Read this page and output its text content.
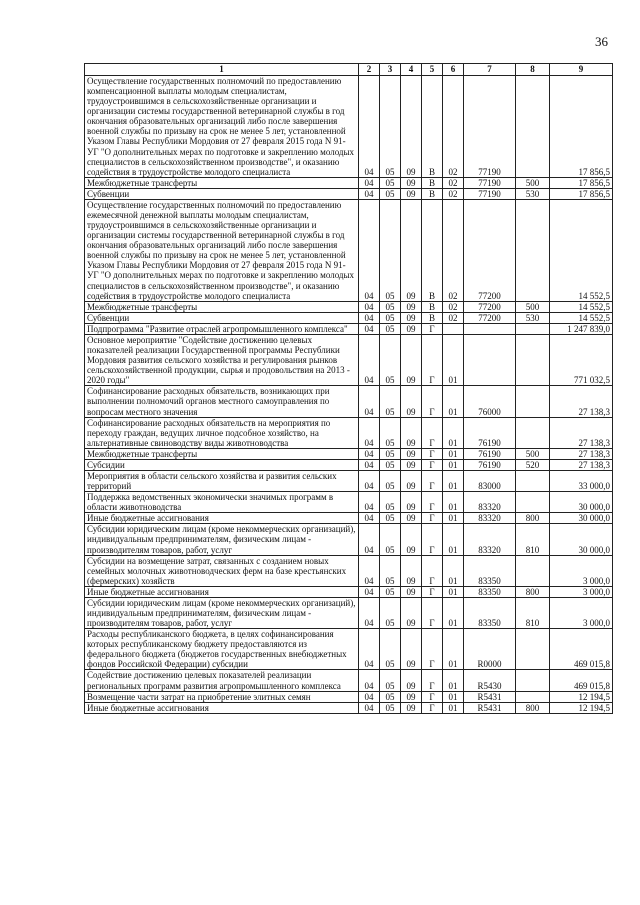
36
1	2	3	4	5	6	7	8	9
Осуществление государственных полномочий по предоставлению компенсационной выплаты молодым специалистам, трудоустроившимся в сельскохозяйственные организации и организации системы государственной ветеринарной службы в год окончания образовательных организаций либо после завершения военной службы по призыву на срок не менее 5 лет, установленной Указом Главы Республики Мордовия от 27 февраля 2015 года N 91-УГ "О дополнительных мерах по подготовке и закреплению молодых специалистов в сельскохозяйственном производстве", и оказанию содействия в трудоустройстве молодого специалиста	04	05	09	В	02	77190		17 856,5
Межбюджетные трансферты	04	05	09	В	02	77190	500	17 856,5
Субвенции	04	05	09	В	02	77190	530	17 856,5
Осуществление государственных полномочий по предоставлению ежемесячной денежной выплаты молодым специалистам, трудоустроившимся в сельскохозяйственные организации и организации системы государственной ветеринарной службы в год окончания образовательных организаций либо после завершения военной службы по призыву на срок не менее 5 лет, установленной Указом Главы Республики Мордовия от 27 февраля 2015 года N 91-УГ "О дополнительных мерах по подготовке и закреплению молодых специалистов в сельскохозяйственном производстве", и оказанию содействия в трудоустройстве молодого специалиста	04	05	09	В	02	77200		14 552,5
Межбюджетные трансферты	04	05	09	В	02	77200	500	14 552,5
Субвенции	04	05	09	В	02	77200	530	14 552,5
Подпрограмма "Развитие отраслей агропромышленного комплекса"	04	05	09	Г				1 247 839,0
Основное мероприятие "Содействие достижению целевых показателей реализации Государственной программы Республики Мордовия развития сельского хозяйства и регулирования рынков сельскохозяйственной продукции, сырья и продовольствия на 2013 - 2020 годы"	04	05	09	Г	01			771 032,5
Софинансирование расходных обязательств, возникающих при выполнении полномочий органов местного самоуправления по вопросам местного значения	04	05	09	Г	01	76000		27 138,3
Софинансирование расходных обязательств на мероприятия по переходу граждан, ведущих личное подсобное хозяйство, на альтернативные свиноводству виды животноводства	04	05	09	Г	01	76190		27 138,3
Межбюджетные трансферты	04	05	09	Г	01	76190	500	27 138,3
Субсидии	04	05	09	Г	01	76190	520	27 138,3
Мероприятия в области сельского хозяйства и развития сельских территорий	04	05	09	Г	01	83000		33 000,0
Поддержка ведомственных экономически значимых программ в области животноводства	04	05	09	Г	01	83320		30 000,0
Иные бюджетные ассигнования	04	05	09	Г	01	83320	800	30 000,0
Субсидии юридическим лицам (кроме некоммерческих организаций), индивидуальным предпринимателям, физическим лицам - производителям товаров, работ, услуг	04	05	09	Г	01	83320	810	30 000,0
Субсидии на возмещение затрат, связанных с созданием новых семейных молочных животноводческих ферм на базе крестьянских (фермерских) хозяйств	04	05	09	Г	01	83350		3 000,0
Иные бюджетные ассигнования	04	05	09	Г	01	83350	800	3 000,0
Субсидии юридическим лицам (кроме некоммерческих организаций), индивидуальным предпринимателям, физическим лицам - производителям товаров, работ, услуг	04	05	09	Г	01	83350	810	3 000,0
Расходы республиканского бюджета, в целях софинансирования которых республиканскому бюджету предоставляются из федерального бюджета (бюджетов государственных внебюджетных фондов Российской Федерации) субсидии	04	05	09	Г	01	R0000		469 015,8
Содействие достижению целевых показателей реализации региональных программ развития агропромышленного комплекса	04	05	09	Г	01	R5430		469 015,8
Возмещение части затрат на приобретение элитных семян	04	05	09	Г	01	R5431		12 194,5
Иные бюджетные ассигнования	04	05	09	Г	01	R5431	800	12 194,5
